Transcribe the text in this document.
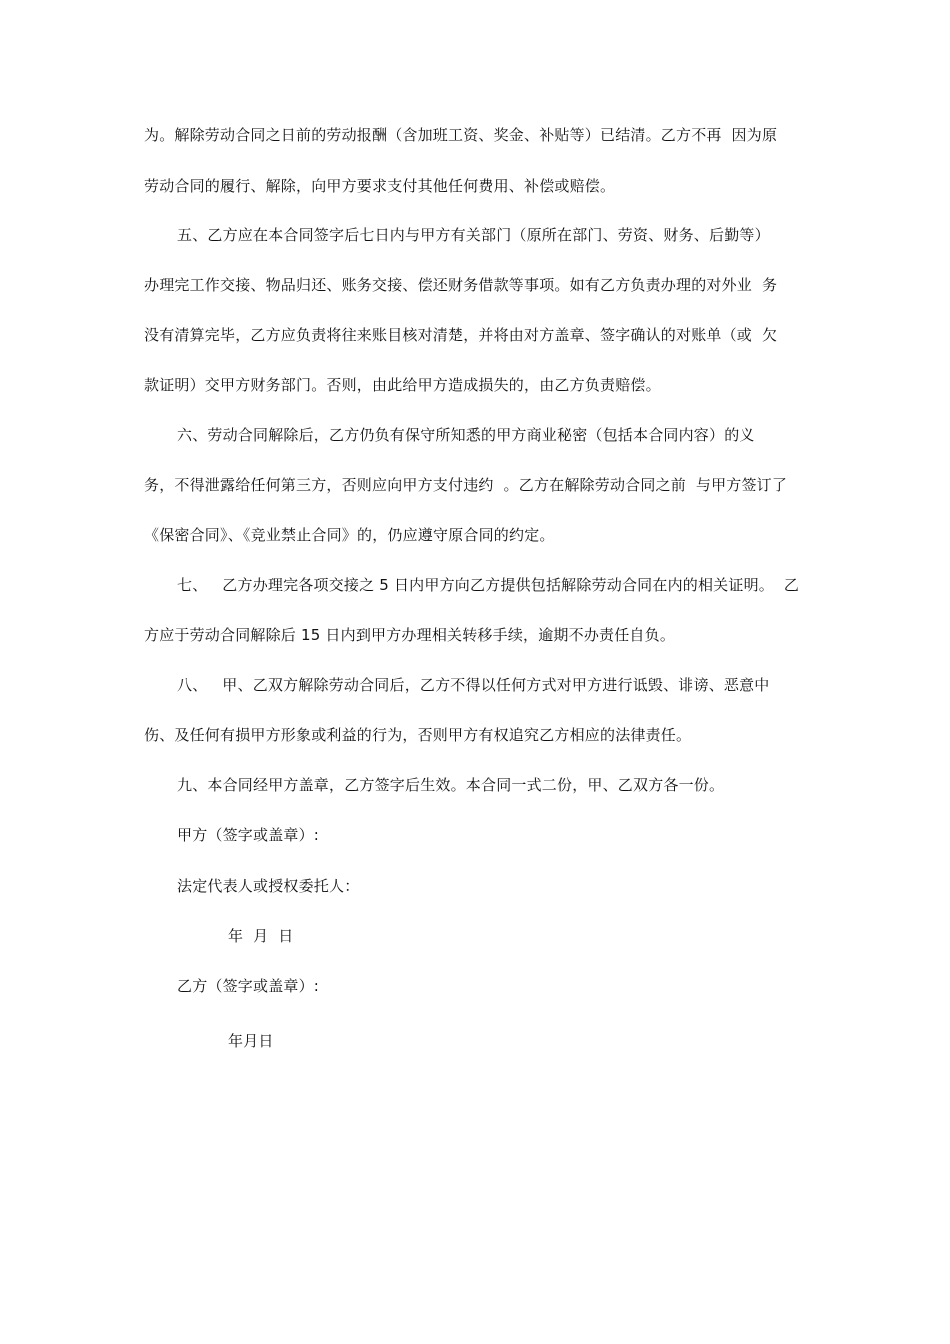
为。解除劳动合同之日前的劳动报酬（含加班工资、奖金、补贴等）已结清。乙方不再  因为原
劳动合同的履行、解除，向甲方要求支付其他任何费用、补偿或赔偿。
五、乙方应在本合同签字后七日内与甲方有关部门（原所在部门、劳资、财务、后勤等）
办理完工作交接、物品归还、账务交接、偿还财务借款等事项。如有乙方负责办理的对外业  务
没有清算完毕，乙方应负责将往来账目核对清楚，并将由对方盖章、签字确认的对账单（或  欠
款证明）交甲方财务部门。否则，由此给甲方造成损失的，由乙方负责赔偿。
六、劳动合同解除后，乙方仍负有保守所知悉的甲方商业秘密（包括本合同内容）的义
务，不得泄露给任何第三方，否则应向甲方支付违约  。乙方在解除劳动合同之前  与甲方签订了
《保密合同》、《竞业禁止合同》的，仍应遵守原合同的约定。
七、   乙方办理完各项交接之 5 日内甲方向乙方提供包括解除劳动合同在内的相关证明。  乙
方应于劳动合同解除后 15 日内到甲方办理相关转移手续，逾期不办责任自负。
八、   甲、乙双方解除劳动合同后，乙方不得以任何方式对甲方进行诋毁、诽谤、恶意中
伤、及任何有损甲方形象或利益的行为，否则甲方有权追究乙方相应的法律责任。
九、本合同经甲方盖章，乙方签字后生效。本合同一式二份，甲、乙双方各一份。
甲方（签字或盖章）:
法定代表人或授权委托人：
年  月  日
乙方（签字或盖章）:
年月日
